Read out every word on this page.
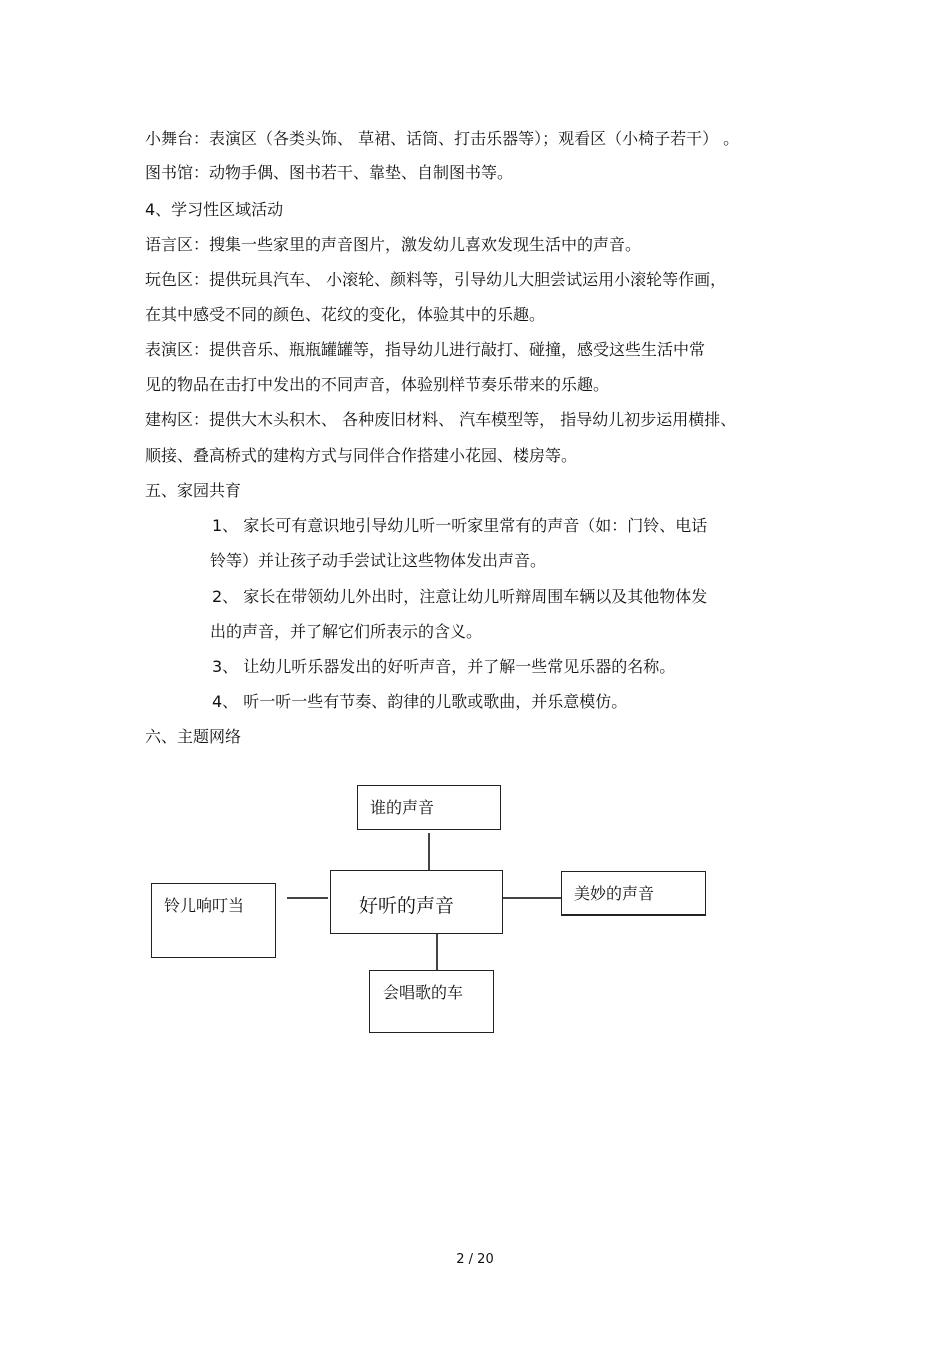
小舞台：表演区（各类头饰、 草裙、话筒、打击乐器等）；观看区（小椅子若干） 。
图书馆：动物手偶、图书若干、靠垫、自制图书等。
4、学习性区域活动
语言区：搜集一些家里的声音图片，激发幼儿喜欢发现生活中的声音。
玩色区：提供玩具汽车、 小滚轮、颜料等，引导幼儿大胆尝试运用小滚轮等作画，
在其中感受不同的颜色、花纹的变化，体验其中的乐趣。
表演区：提供音乐、瓶瓶罐罐等，指导幼儿进行敲打、碰撞，感受这些生活中常
见的物品在击打中发出的不同声音，体验别样节奏乐带来的乐趣。
建构区：提供大木头积木、 各种废旧材料、 汽车模型等， 指导幼儿初步运用横排、
顺接、叠高桥式的建构方式与同伴合作搭建小花园、楼房等。
五、家园共育
1、 家长可有意识地引导幼儿听一听家里常有的声音（如：门铃、电话
铃等）并让孩子动手尝试让这些物体发出声音。
2、 家长在带领幼儿外出时，注意让幼儿听辩周围车辆以及其他物体发
出的声音，并了解它们所表示的含义。
3、 让幼儿听乐器发出的好听声音，并了解一些常见乐器的名称。
4、 听一听一些有节奏、韵律的儿歌或歌曲，并乐意模仿。
六、主题网络
谁的声音
铃儿响叮当	好听的声音
美妙的声音
会唱歌的车
2 / 20
